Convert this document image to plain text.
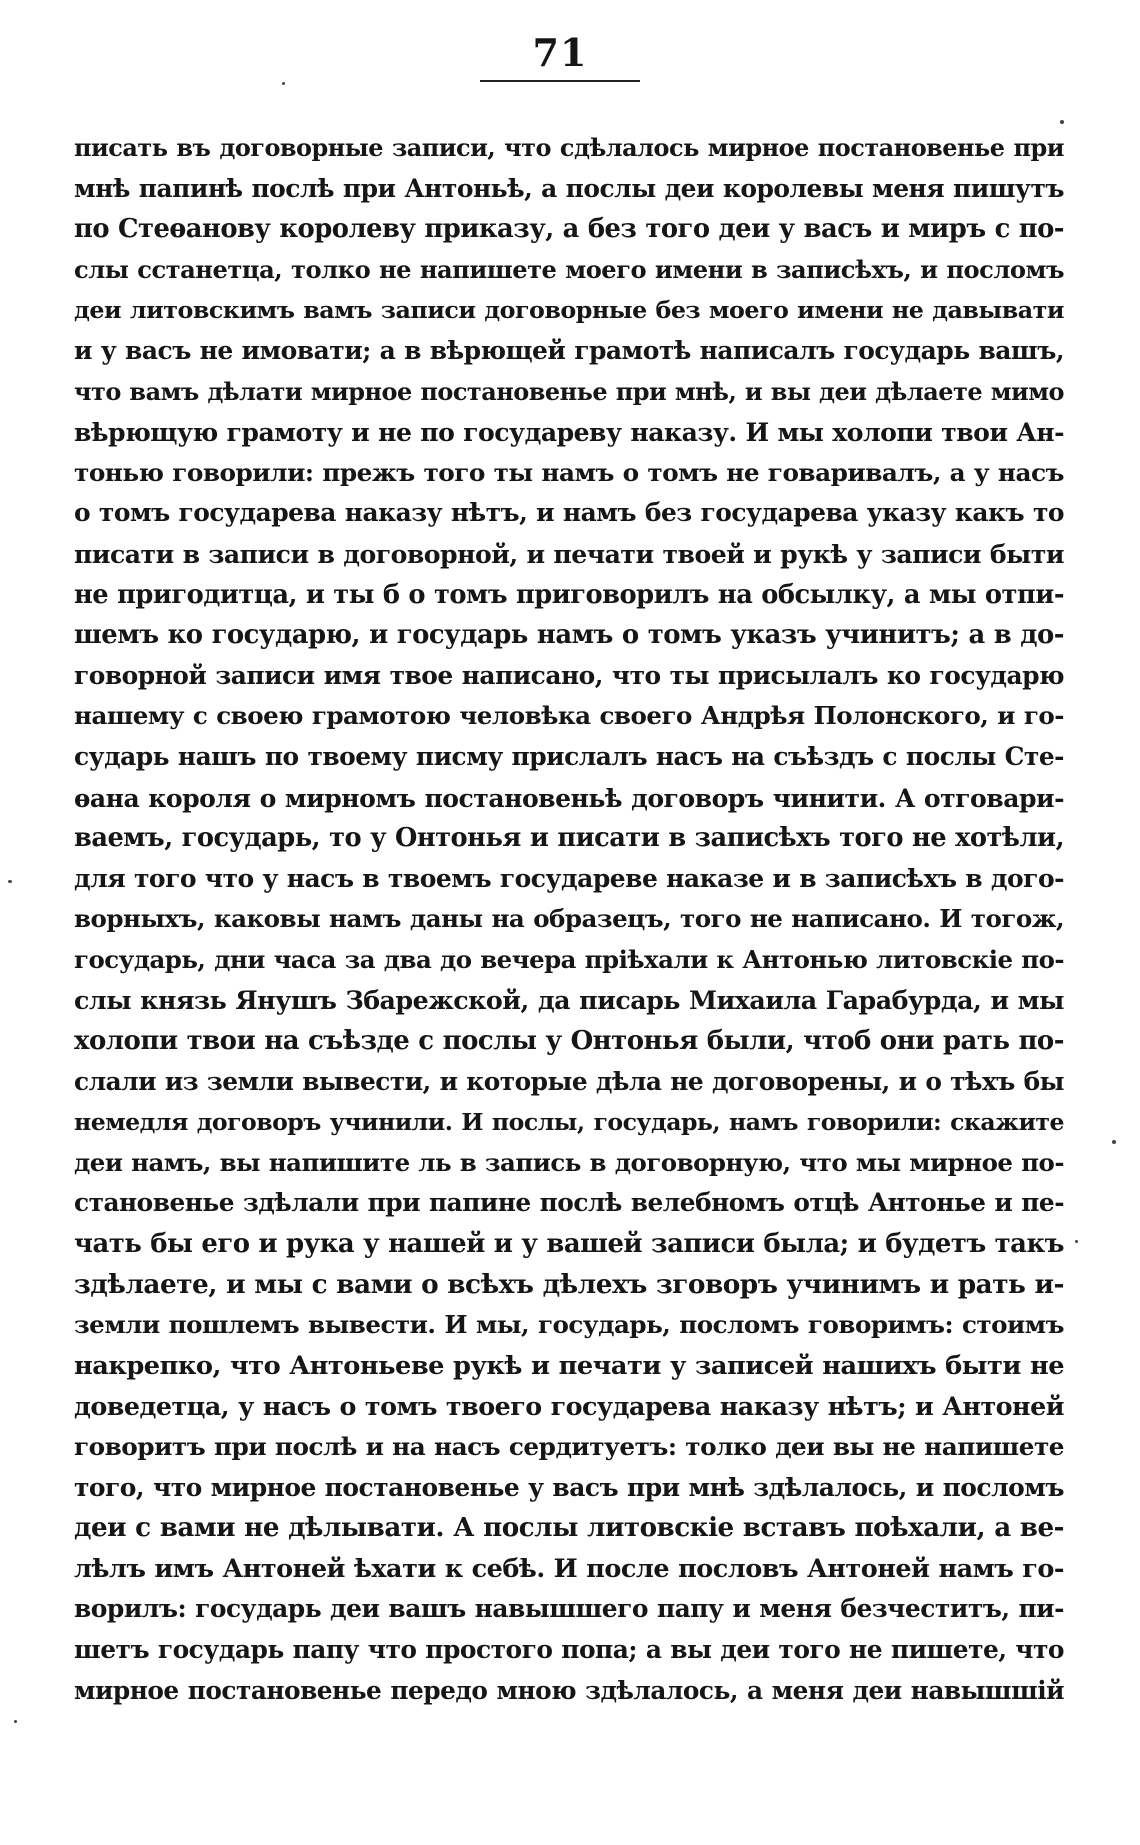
71
писать въ договорные записи, что сдѣлалось мирное постановенье при
мнѣ папинѣ послѣ при Антоньѣ, а послы деи королевы меня пишутъ
по Стеѳанову королеву приказу, а без того деи у васъ и миръ с по-
слы сстанетца, толко не напишете моего имени в записѣхъ, и посломъ
деи литовскимъ вамъ записи договорные без моего имени не давывати
и у васъ не имовати; а в вѣрющей грамотѣ написалъ государь вашъ,
что вамъ дѣлати мирное постановенье при мнѣ, и вы деи дѣлаете мимо
вѣрющую грамоту и не по государеву наказу. И мы холопи твои Ан-
тонью говорили: прежъ того ты намъ о томъ не говаривалъ, а у насъ
о томъ государева наказу нѣтъ, и намъ без государева указу какъ то
писати в записи в договорной, и печати твоей и рукѣ у записи быти
не пригодитца, и ты б о томъ приговорилъ на обсылку, а мы отпи-
шемъ ко государю, и государь намъ о томъ указъ учинитъ; а в до-
говорной записи имя твое написано, что ты присылалъ ко государю
нашему с своею грамотою человѣка своего Андрѣя Полонского, и го-
сударь нашъ по твоему писму прислалъ насъ на съѣздъ с послы Сте-
ѳана короля о мирномъ постановеньѣ договоръ чинити. А отговари-
ваемъ, государь, то у Онтонья и писати в записѣхъ того не хотѣли,
для того что у насъ в твоемъ государеве наказе и в записѣхъ в дого-
ворныхъ, каковы намъ даны на образецъ, того не написано. И тогож,
государь, дни часа за два до вечера пріѣхали к Антонью литовскіе по-
слы князь Янушъ Збарежской, да писарь Михаила Гарабурда, и мы
холопи твои на съѣзде с послы у Онтонья были, чтоб они рать по-
слали из земли вывести, и которые дѣла не договорены, и о тѣхъ бы
немедля договоръ учинили. И послы, государь, намъ говорили: скажите
деи намъ, вы напишите ль в запись в договорную, что мы мирное по-
становенье здѣлали при папине послѣ велебномъ отцѣ Антонье и пе-
чать бы его и рука у нашей и у вашей записи была; и будетъ такъ
здѣлаете, и мы с вами о всѣхъ дѣлехъ зговоръ учинимъ и рать и-
земли пошлемъ вывести. И мы, государь, посломъ говоримъ: стоимъ
накрепко, что Антоньеве рукѣ и печати у записей нашихъ быти не
доведетца, у насъ о томъ твоего государева наказу нѣтъ; и Антоней
говоритъ при послѣ и на насъ сердитуетъ: толко деи вы не напишете
того, что мирное постановенье у васъ при мнѣ здѣлалось, и посломъ
деи с вами не дѣлывати. А послы литовскіе вставъ поѣхали, а ве-
лѣлъ имъ Антоней ѣхати к себѣ. И после пословъ Антоней намъ го-
ворилъ: государь деи вашъ навышшего папу и меня безчеститъ, пи-
шетъ государь папу что простого попа; а вы деи того не пишете, что
мирное постановенье передо мною здѣлалось, а меня деи навышшій
